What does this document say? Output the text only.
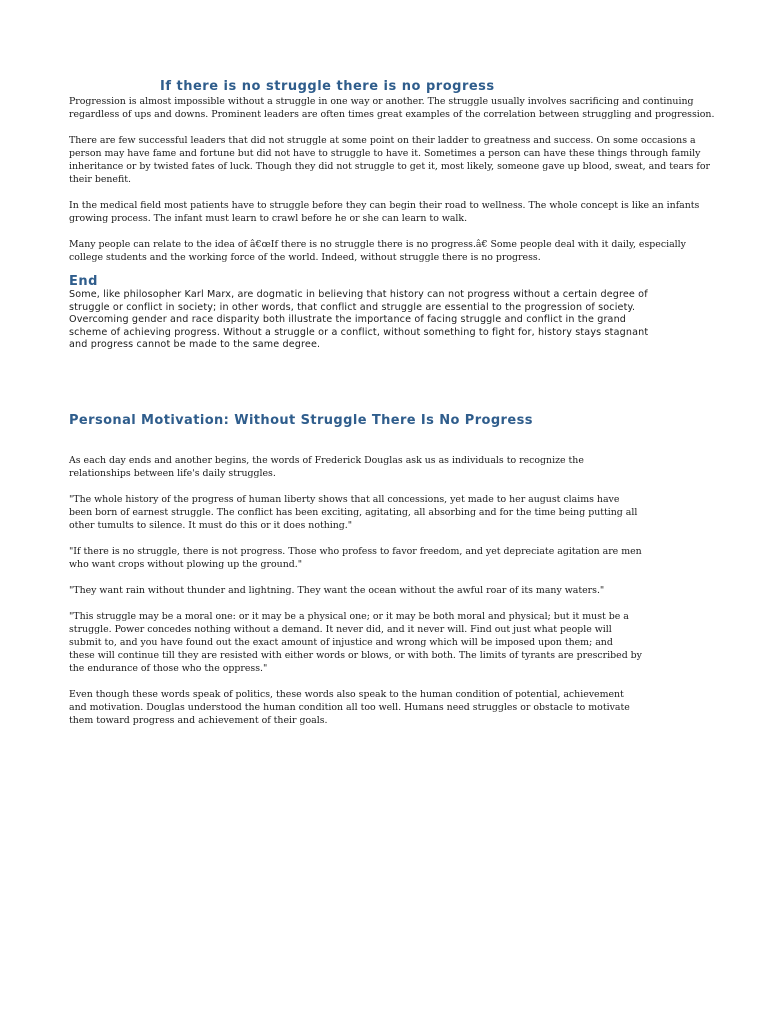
If there is no struggle there is no progress

Progression is almost impossible without a struggle in one way or another. The struggle usually involves sacrificing and continuing
regardless of ups and downs. Prominent leaders are often times great examples of the correlation between struggling and progression.

There are few successful leaders that did not struggle at some point on their ladder to greatness and success. On some occasions a
person may have fame and fortune but did not have to struggle to have it. Sometimes a person can have these things through family
inheritance or by twisted fates of luck. Though they did not struggle to get it, most likely, someone gave up blood, sweat, and tears for
their benefit.

In the medical field most patients have to struggle before they can begin their road to wellness. The whole concept is like an infants
growing process. The infant must learn to crawl before he or she can learn to walk.

Many people can relate to the idea of â€œIf there is no struggle there is no progress.â€ Some people deal with it daily, especially
college students and the working force of the world. Indeed, without struggle there is no progress.

End

Some, like philosopher Karl Marx, are dogmatic in believing that history can not progress without a certain degree of
struggle or conflict in society; in other words, that conflict and struggle are essential to the progression of society.
Overcoming gender and race disparity both illustrate the importance of facing struggle and conflict in the grand
scheme of achieving progress. Without a struggle or a conflict, without something to fight for, history stays stagnant
and progress cannot be made to the same degree.

Personal Motivation: Without Struggle There Is No Progress

As each day ends and another begins, the words of Frederick Douglas ask us as individuals to recognize the
relationships between life's daily struggles.

"The whole history of the progress of human liberty shows that all concessions, yet made to her august claims have
been born of earnest struggle. The conflict has been exciting, agitating, all absorbing and for the time being putting all
other tumults to silence. It must do this or it does nothing."

"If there is no struggle, there is not progress. Those who profess to favor freedom, and yet depreciate agitation are men
who want crops without plowing up the ground."

"They want rain without thunder and lightning. They want the ocean without the awful roar of its many waters."

"This struggle may be a moral one: or it may be a physical one; or it may be both moral and physical; but it must be a
struggle. Power concedes nothing without a demand. It never did, and it never will. Find out just what people will
submit to, and you have found out the exact amount of injustice and wrong which will be imposed upon them; and
these will continue till they are resisted with either words or blows, or with both. The limits of tyrants are prescribed by
the endurance of those who the oppress."

Even though these words speak of politics, these words also speak to the human condition of potential, achievement
and motivation. Douglas understood the human condition all too well. Humans need struggles or obstacle to motivate
them toward progress and achievement of their goals.
